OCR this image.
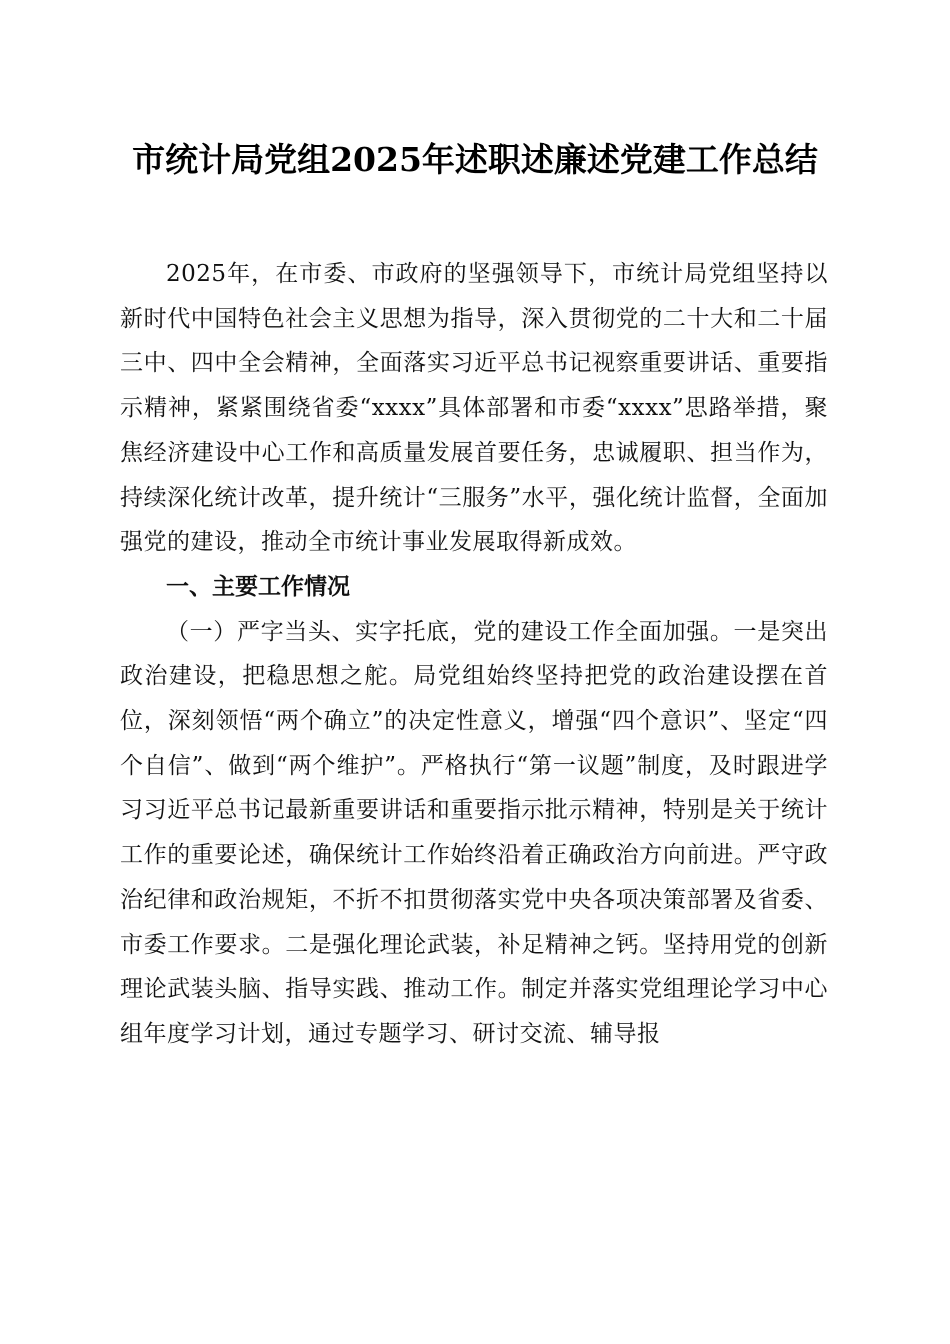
市统计局党组2025年述职述廉述党建工作总结

2025年，在市委、市政府的坚强领导下，市统计局党组坚持以新时代中国特色社会主义思想为指导，深入贯彻党的二十大和二十届三中、四中全会精神，全面落实习近平总书记视察重要讲话、重要指示精神，紧紧围绕省委“xxxx”具体部署和市委“xxxx”思路举措，聚焦经济建设中心工作和高质量发展首要任务，忠诚履职、担当作为，持续深化统计改革，提升统计“三服务”水平，强化统计监督，全面加强党的建设，推动全市统计事业发展取得新成效。

一、主要工作情况

（一）严字当头、实字托底，党的建设工作全面加强。一是突出政治建设，把稳思想之舵。局党组始终坚持把党的政治建设摆在首位，深刻领悟“两个确立”的决定性意义，增强“四个意识”、坚定“四个自信”、做到“两个维护”。严格执行“第一议题”制度，及时跟进学习习近平总书记最新重要讲话和重要指示批示精神，特别是关于统计工作的重要论述，确保统计工作始终沿着正确政治方向前进。严守政治纪律和政治规矩，不折不扣贯彻落实党中央各项决策部署及省委、市委工作要求。二是强化理论武装，补足精神之钙。坚持用党的创新理论武装头脑、指导实践、推动工作。制定并落实党组理论学习中心组年度学习计划，通过专题学习、研讨交流、辅导报
